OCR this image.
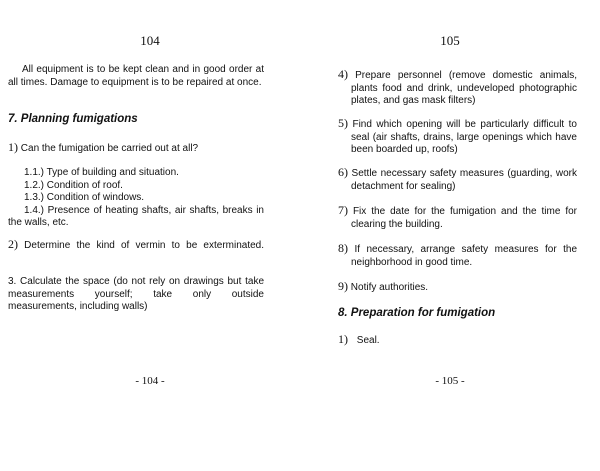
104
All equipment is to be kept clean and in good order at all times. Damage to equipment is to be repaired at once.
7. Planning fumigations
1) Can the fumigation be carried out at all?
1.1.) Type of building and situation.
1.2.) Condition of roof.
1.3.) Condition of windows.
1.4.) Presence of heating shafts, air shafts, breaks in the walls, etc.
2) Determine the kind of vermin to be exterminated.
3. Calculate the space (do not rely on drawings but take measurements yourself; take only outside measurements, including walls)
- 104 -
105
4) Prepare personnel (remove domestic animals, plants food and drink, undeveloped photographic plates, and gas mask filters)
5) Find which opening will be particularly difficult to seal (air shafts, drains, large openings which have been boarded up, roofs)
6) Settle necessary safety measures (guarding, work detachment for sealing)
7) Fix the date for the fumigation and the time for clearing the building.
8) If necessary, arrange safety measures for the neighborhood in good time.
9) Notify authorities.
8. Preparation for fumigation
1) Seal.
- 105 -
